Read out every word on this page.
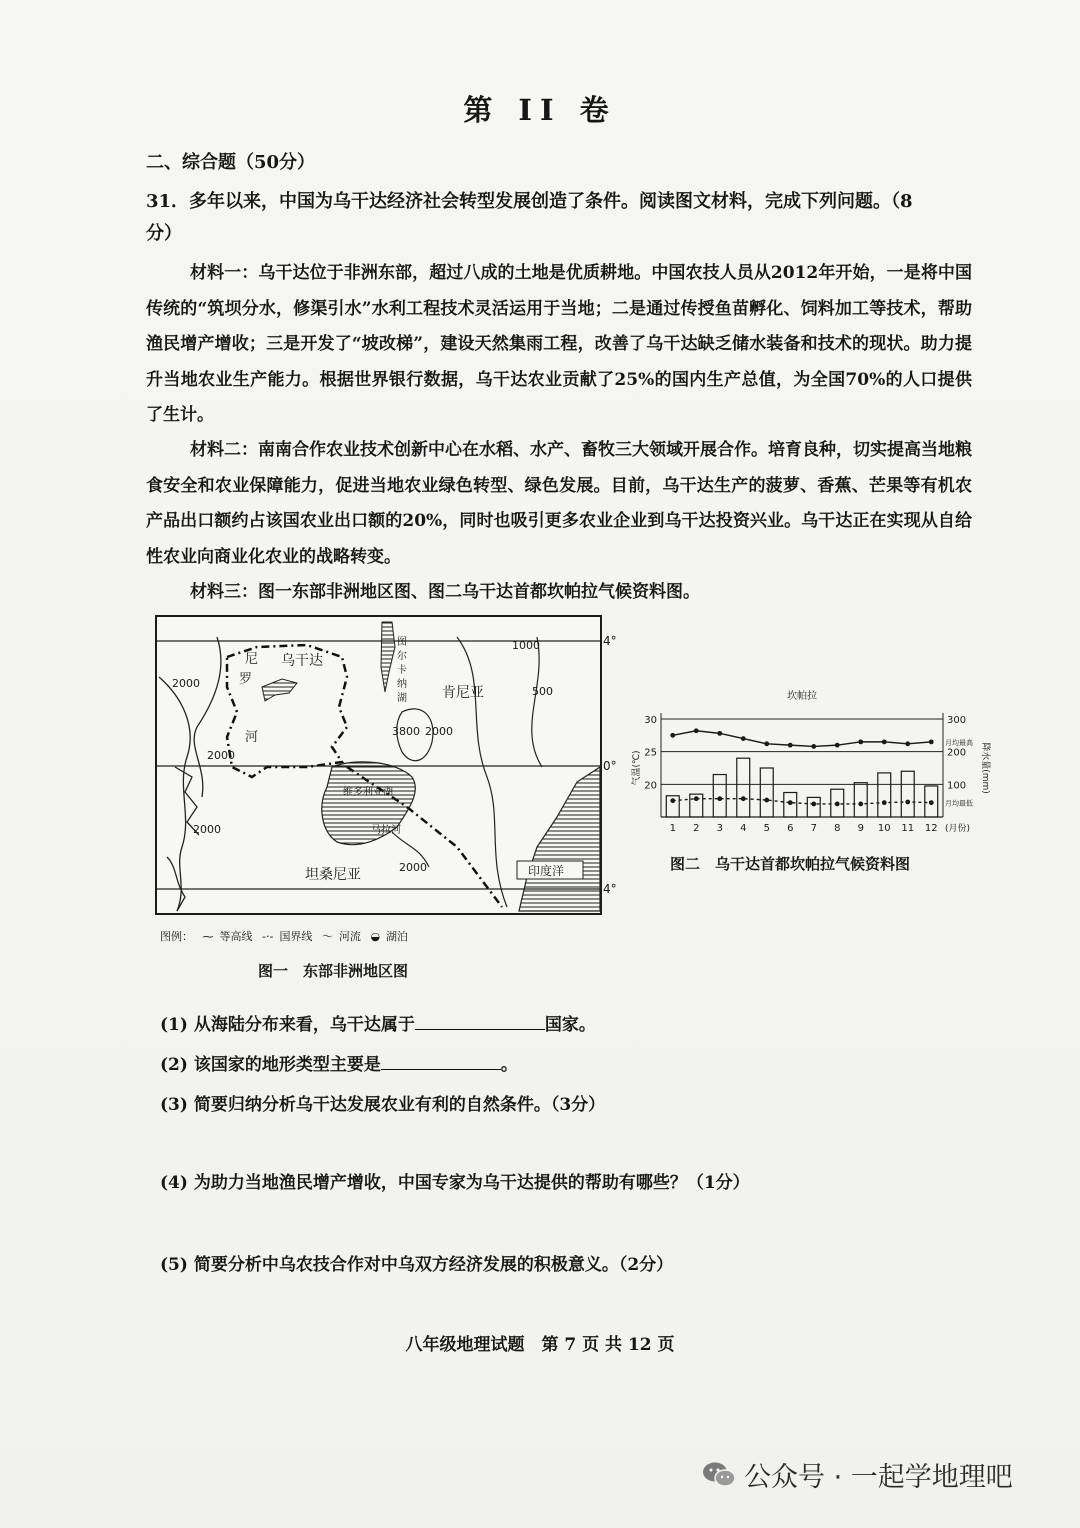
第 II 卷
二、综合题（50分）
31．多年以来，中国为乌干达经济社会转型发展创造了条件。阅读图文材料，完成下列问题。（8分）
材料一：乌干达位于非洲东部，超过八成的土地是优质耕地。中国农技人员从2012年开始，一是将中国传统的“筑坝分水，修渠引水”水利工程技术灵活运用于当地；二是通过传授鱼苗孵化、饲料加工等技术，帮助渔民增产增收；三是开发了“坡改梯”，建设天然集雨工程，改善了乌干达缺乏储水装备和技术的现状。助力提升当地农业生产能力。根据世界银行数据，乌干达农业贡献了25%的国内生产总值，为全国70%的人口提供了生计。
材料二：南南合作农业技术创新中心在水稻、水产、畜牧三大领域开展合作。培育良种，切实提高当地粮食安全和农业保障能力，促进当地农业绿色转型、绿色发展。目前，乌干达生产的菠萝、香蕉、芒果等有机农产品出口额约占该国农业出口额的20%，同时也吸引更多农业企业到乌干达投资兴业。乌干达正在实现从自给性农业向商业化农业的战略转变。
材料三：图一东部非洲地区图、图二乌干达首都坎帕拉气候资料图。
4°
0°
4°
乌干达
尼
罗
河
图
尔
卡
纳
湖	肯尼亚
维多利亚湖
马拉河
坦桑尼亚	印度洋
2000
2000
2000
2000
2000
1000
500
3800
图例： ⁓ 等高线 -·- 国界线 〜 河流 ◒ 湖泊
图一　东部非洲地区图
坎帕拉
20
25
30
100
200
300
气温(℃)	降水量(mm)
月均最高
月均最低
1 2 3 4 5 6 7 8 9 10 11 12 (月份)
图二　乌干达首都坎帕拉气候资料图
(1) 从海陆分布来看，乌干达属于	国家。
(2) 该国家的地形类型主要是	。
(3) 简要归纳分析乌干达发展农业有利的自然条件。（3分）
(4) 为助力当地渔民增产增收，中国专家为乌干达提供的帮助有哪些？（1分）
(5) 简要分析中乌农技合作对中乌双方经济发展的积极意义。（2分）
八年级地理试题　第 7 页 共 12 页
公众号 · 一起学地理吧
